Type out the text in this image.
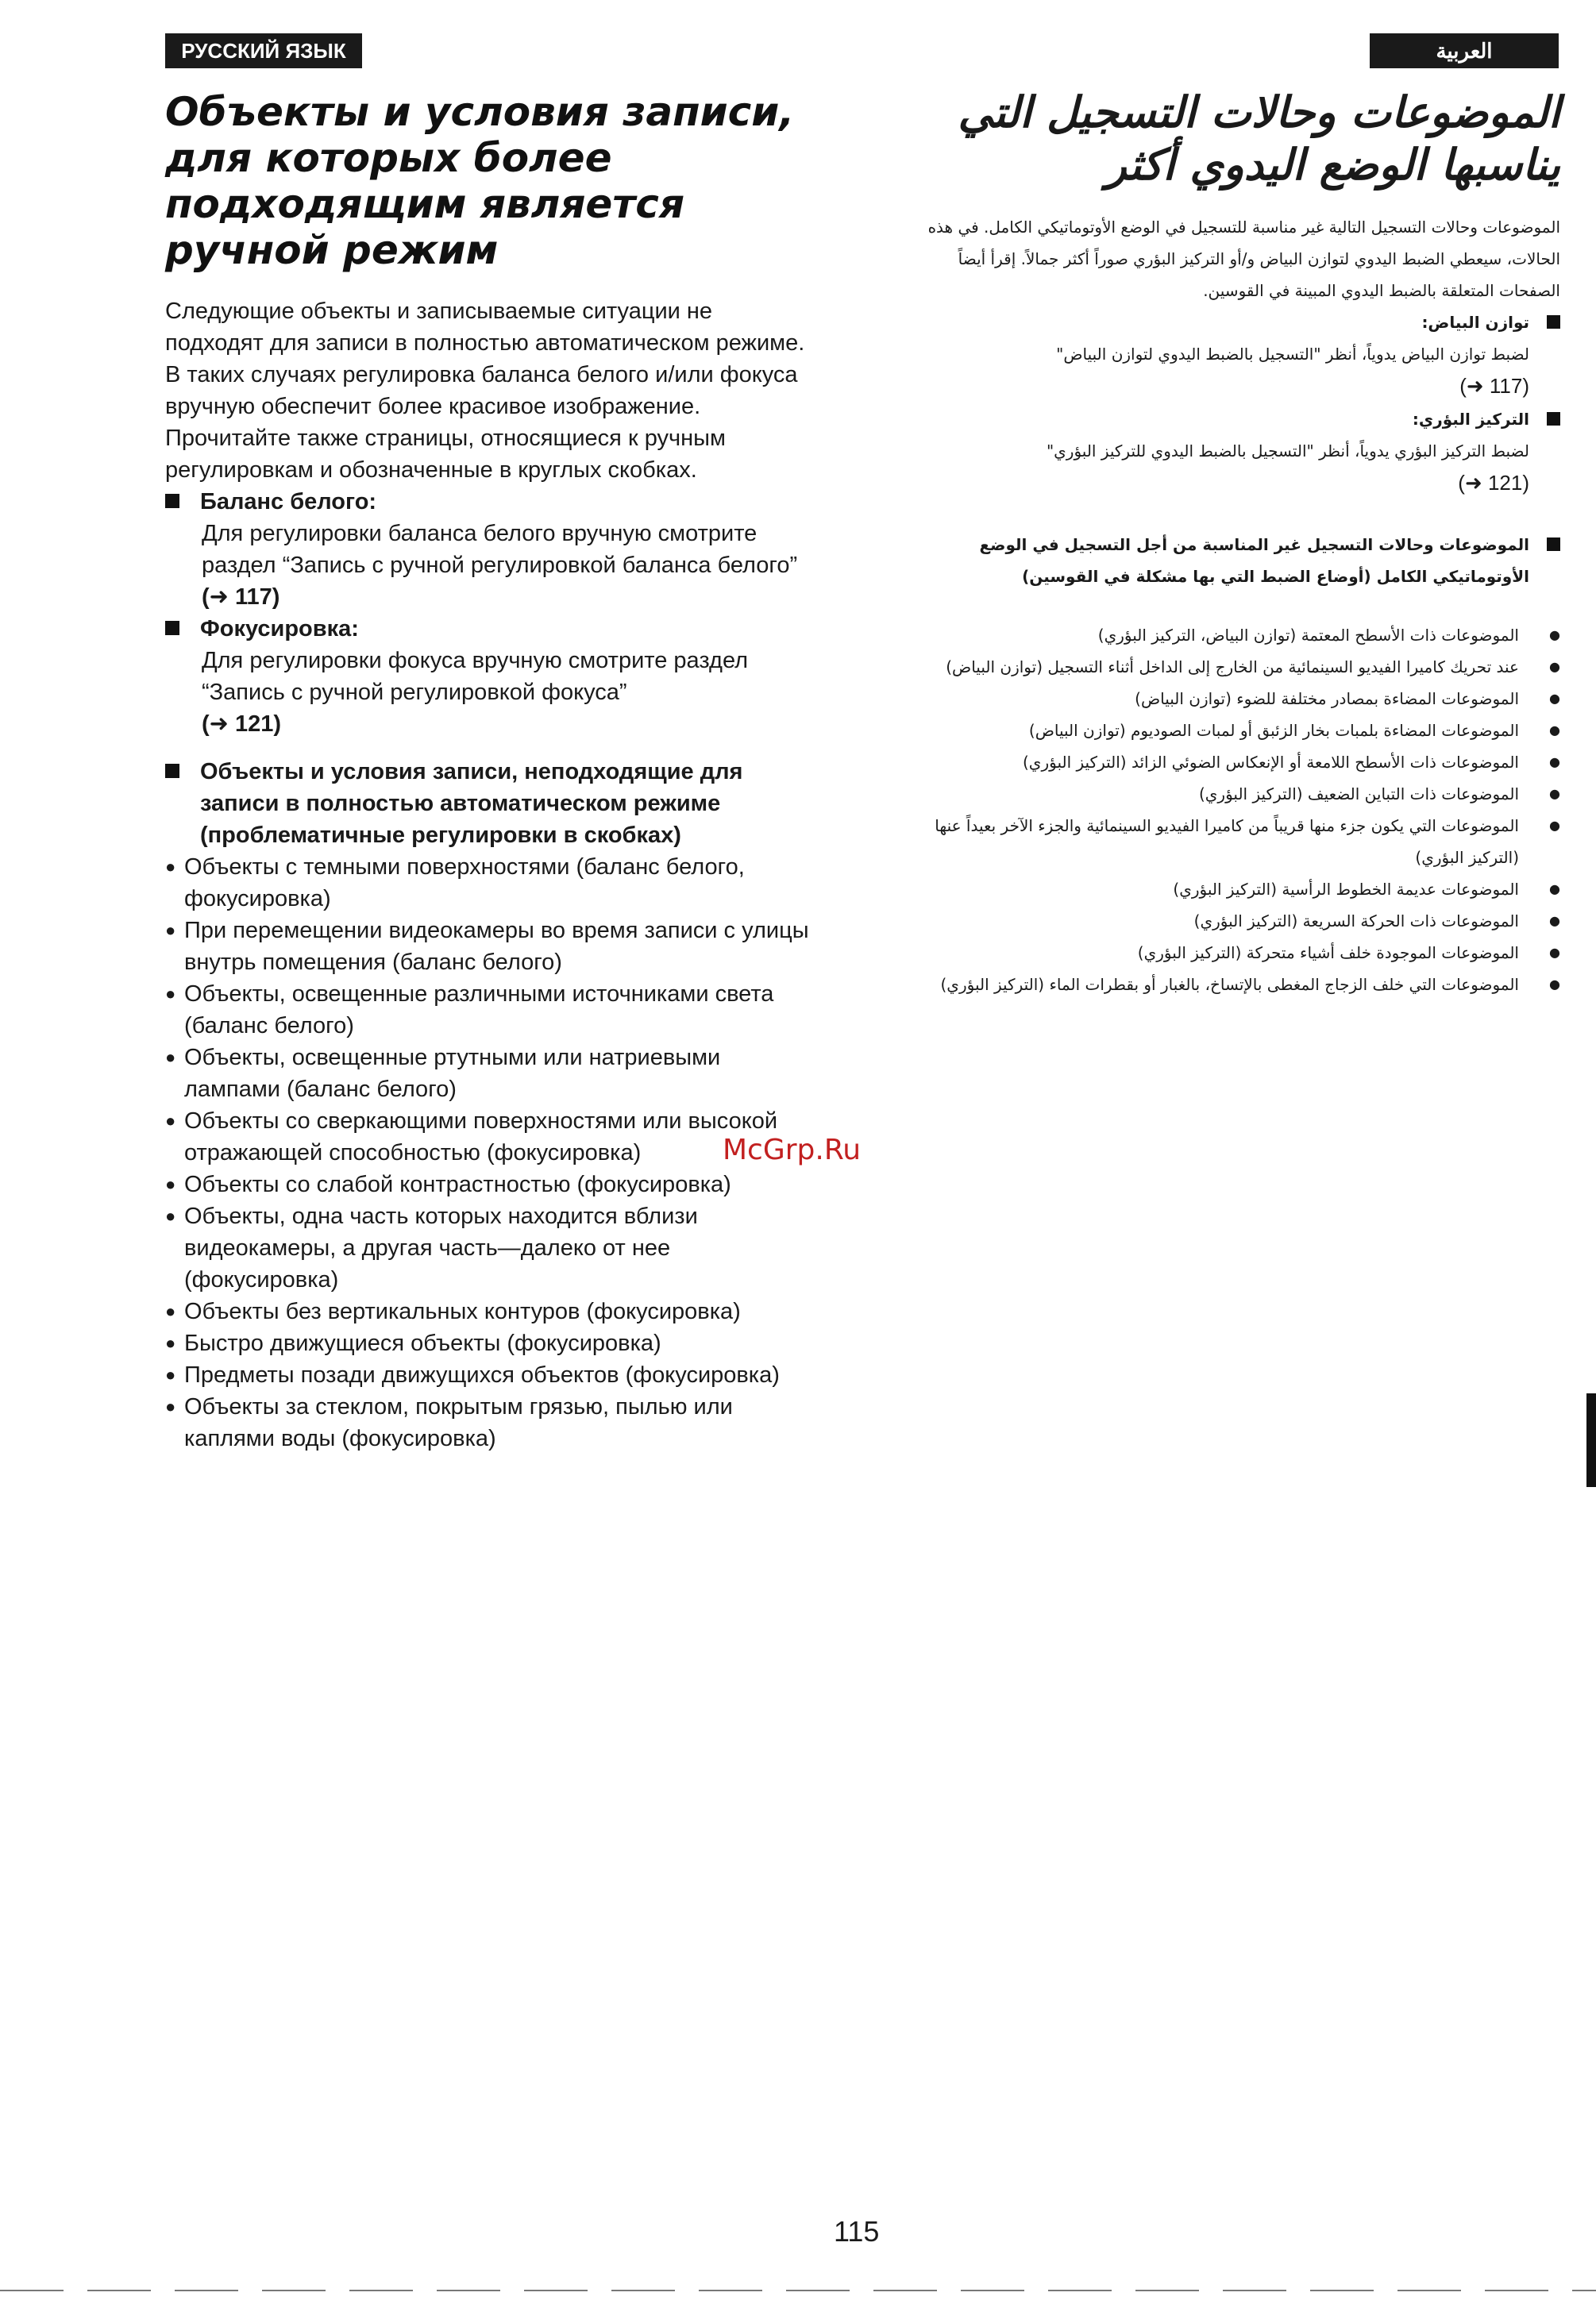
РУССКИЙ ЯЗЫК	العربية
Объекты и условия записи, для которых более подходящим является ручной режим

Следующие объекты и записываемые ситуации не подходят для записи в полностью автоматическом режиме. В таких случаях регулировка баланса белого и/или фокуса вручную обеспечит более красивое изображение. Прочитайте также страницы, относящиеся к ручным регулировкам и обозначенные в круглых скобках.

Баланс белого:
Для регулировки баланса белого вручную смотрите раздел “Запись с ручной регулировкой баланса белого” (➜ 117)
Фокусировка:
Для регулировки фокуса вручную смотрите раздел “Запись с ручной регулировкой фокуса”
(➜ 121)
Объекты и условия записи, неподходящие для записи в полностью автоматическом режиме (проблематичные регулировки в скобках)
● Объекты с темными поверхностями (баланс белого, фокусировка)
● При перемещении видеокамеры во время записи с улицы внутрь помещения (баланс белого)
● Объекты, освещенные различными источниками света (баланс белого)
● Объекты, освещенные ртутными или натриевыми лампами (баланс белого)
● Объекты со сверкающими поверхностями или высокой отражающей способностью (фокусировка)
● Объекты со слабой контрастностью (фокусировка)
● Объекты, одна часть которых находится вблизи видеокамеры, а другая часть—далеко от нее (фокусировка)
● Объекты без вертикальных контуров (фокусировка)
● Быстро движущиеся объекты (фокусировка)
● Предметы позади движущихся объектов (фокусировка)
● Объекты за стеклом, покрытым грязью, пылью или каплями воды (фокусировка)
الموضوعات وحالات التسجيل التي يناسبها الوضع اليدوي أكثر

الموضوعات وحالات التسجيل التالية غير مناسبة للتسجيل في الوضع الأوتوماتيكي الكامل. في هذه الحالات، سيعطي الضبط اليدوي لتوازن البياض و/أو التركيز البؤري صوراً أكثر جمالاً. إقرأ أيضاً الصفحات المتعلقة بالضبط اليدوي المبينة في القوسين.

توازن البياض:
لضبط توازن البياض يدوياً، أنظر "التسجيل بالضبط اليدوي لتوازن البياض"
(➜ 117)
التركيز البؤري:
لضبط التركيز البؤري يدوياً، أنظر "التسجيل بالضبط اليدوي للتركيز البؤري"
(➜ 121)
الموضوعات وحالات التسجيل غير المناسبة من أجل التسجيل في الوضع الأوتوماتيكي الكامل (أوضاع الضبط التي بها مشكلة في القوسين)
● الموضوعات ذات الأسطح المعتمة (توازن البياض، التركيز البؤري)
● عند تحريك كاميرا الفيديو السينمائية من الخارج إلى الداخل أثناء التسجيل (توازن البياض)
● الموضوعات المضاءة بمصادر مختلفة للضوء (توازن البياض)
● الموضوعات المضاءة بلمبات بخار الزئبق أو لمبات الصوديوم (توازن البياض)
● الموضوعات ذات الأسطح اللامعة أو الإنعكاس الضوئي الزائد (التركيز البؤري)
● الموضوعات ذات التباين الضعيف (التركيز البؤري)
● الموضوعات التي يكون جزء منها قريباً من كاميرا الفيديو السينمائية والجزء الآخر بعيداً عنها (التركيز البؤري)
● الموضوعات عديمة الخطوط الرأسية (التركيز البؤري)
● الموضوعات ذات الحركة السريعة (التركيز البؤري)
● الموضوعات الموجودة خلف أشياء متحركة (التركيز البؤري)
● الموضوعات التي خلف الزجاج المغطى بالإتساخ، بالغبار أو بقطرات الماء (التركيز البؤري)
McGrp.Ru
115
